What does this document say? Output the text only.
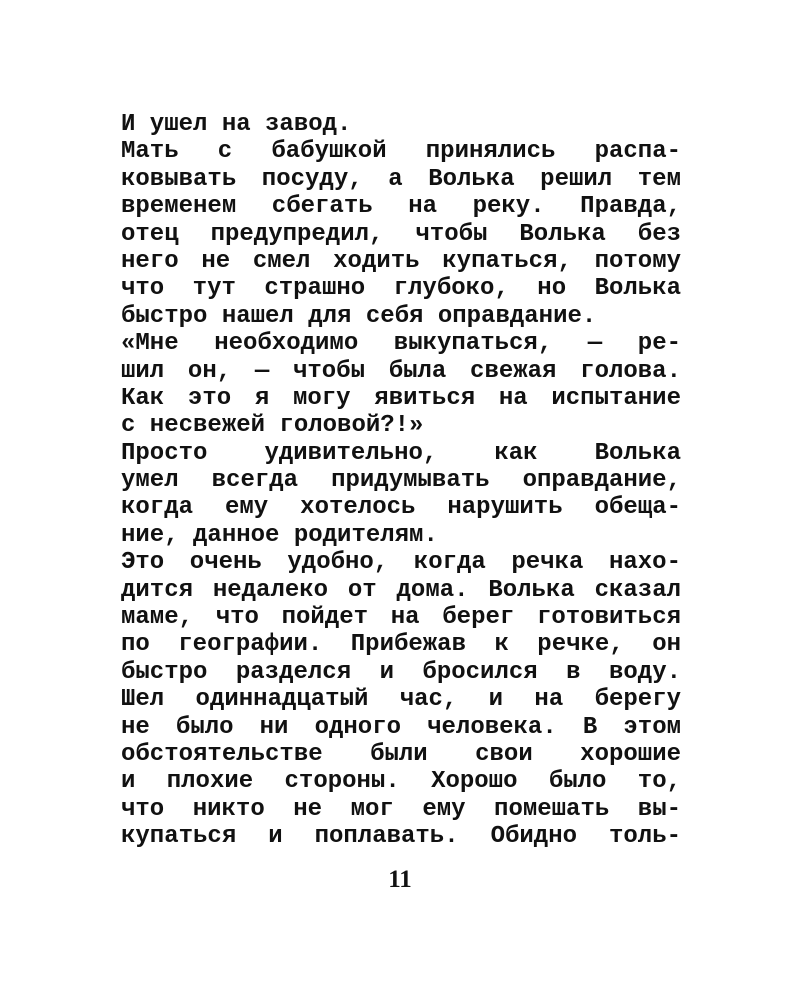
И ушел на завод.
Мать с бабушкой принялись распа-
ковывать посуду, а Волька решил тем
временем сбегать на реку. Правда,
отец предупредил, чтобы Волька без
него не смел ходить купаться, потому
что тут страшно глубоко, но Волька
быстро нашел для себя оправдание.
«Мне необходимо выкупаться, — ре-
шил он, — чтобы была свежая голова.
Как это я могу явиться на испытание
с несвежей головой?!»
Просто удивительно, как Волька
умел всегда придумывать оправдание,
когда ему хотелось нарушить обеща-
ние, данное родителям.
Это очень удобно, когда речка нахо-
дится недалеко от дома. Волька сказал
маме, что пойдет на берег готовиться
по географии. Прибежав к речке, он
быстро разделся и бросился в воду.
Шел одиннадцатый час, и на берегу
не было ни одного человека. В этом
обстоятельстве были свои хорошие
и плохие стороны. Хорошо было то,
что никто не мог ему помешать вы-
купаться и поплавать. Обидно толь-
11
